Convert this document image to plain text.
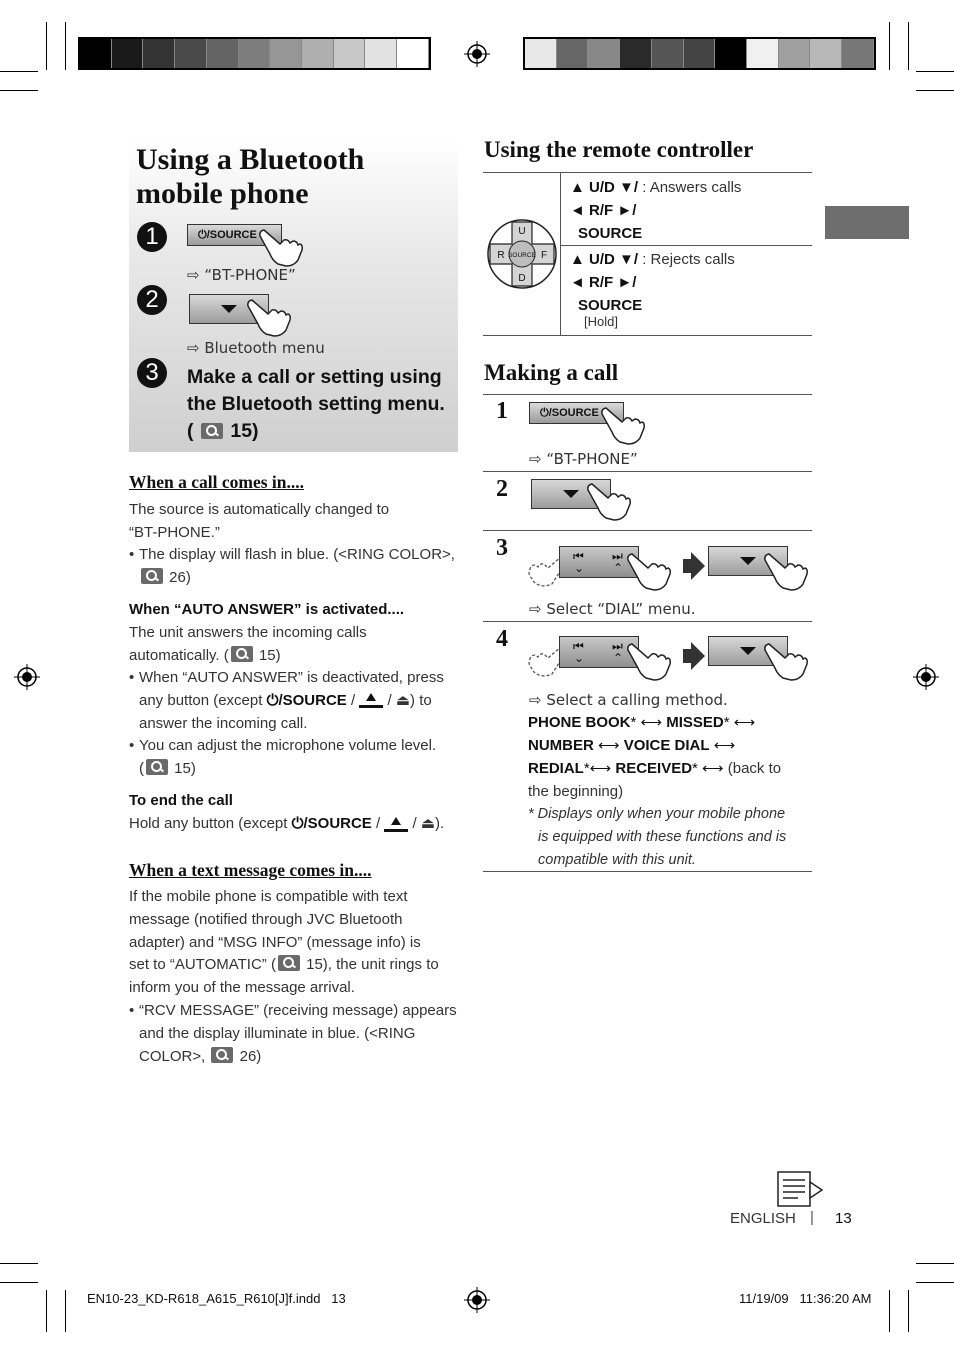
Using a Bluetooth
mobile phone
1	⏻/SOURCE
⇨ “BT-PHONE”
2
⇨ Bluetooth menu
3	Make a call or setting using
the Bluetooth setting menu.
(  15)
When a call comes in....
The source is automatically changed to
“BT-PHONE.”
• The display will flash in blue. (<RING COLOR>,
26)
When “AUTO ANSWER” is activated....
The unit answers the incoming calls
automatically. ( 15)
• When “AUTO ANSWER” is deactivated, press
any button (except ⏻/SOURCE /
/ ⏏) to
answer the incoming call.
• You can adjust the microphone volume level.
( 15)
To end the call
Hold any button (except ⏻/SOURCE /
/ ⏏).
When a text message comes in....
If the mobile phone is compatible with text
message (notified through JVC Bluetooth
adapter) and “MSG INFO” (message info) is
set to “AUTOMATIC” ( 15), the unit rings to
inform you of the message arrival.
• “RCV MESSAGE” (receiving message) appears
and the display illuminate in blue. (<RING
COLOR>,  26)
Using the remote controller
U
D
R	F
SOURCE
▲ U/D ▼/ : Answers calls
◄ R/F ►/
SOURCE
▲ U/D ▼/ : Rejects calls
◄ R/F ►/
SOURCE
[Hold]
Making a call
1	⏻/SOURCE
⇨ “BT-PHONE”
2
3	⏮
⌄
⏭
⌃
⇨ Select “DIAL” menu.
4	⏮
⌄
⏭
⌃
⇨ Select a calling method.
PHONE BOOK* ⟷ MISSED* ⟷
NUMBER ⟷ VOICE DIAL ⟷
REDIAL*⟷ RECEIVED* ⟷ (back to
the beginning)
* Displays only when your mobile phone
is equipped with these functions and is
compatible with this unit.
ENGLISH | 13
EN10-23_KD-R618_A615_R610[J]f.indd   13	11/19/09   11:36:20 AM
